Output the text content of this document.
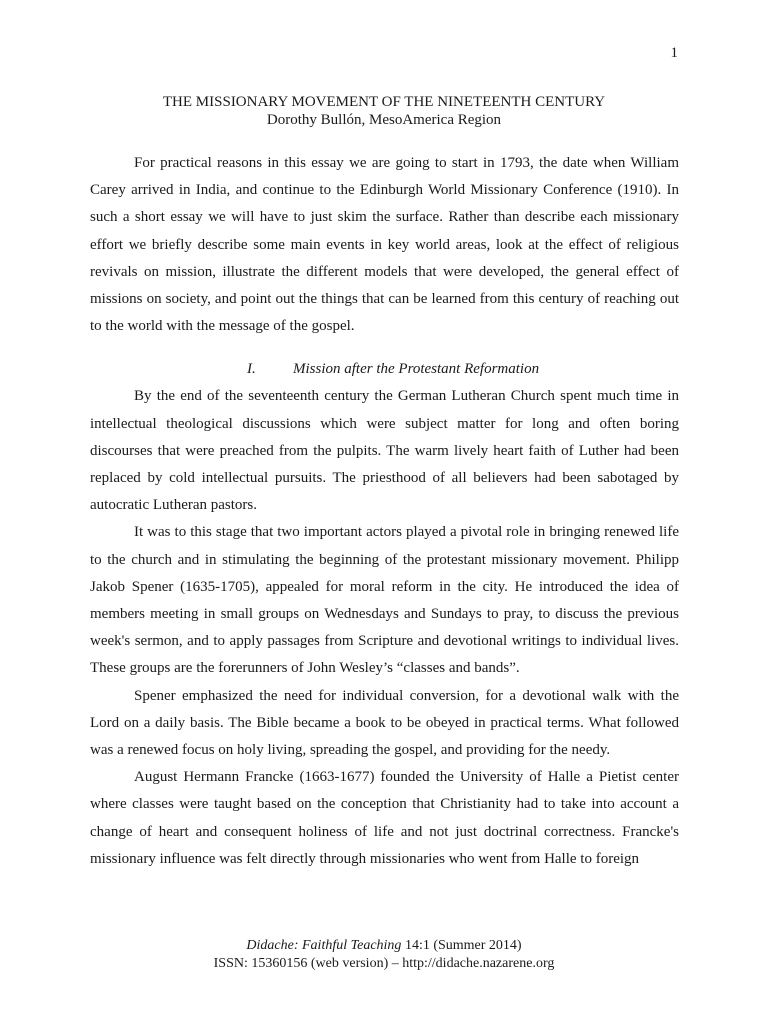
1
THE MISSIONARY MOVEMENT OF THE NINETEENTH CENTURY
Dorothy Bullón, MesoAmerica Region

For practical reasons in this essay we are going to start in 1793, the date when William Carey arrived in India, and continue to the Edinburgh World Missionary Conference (1910). In such a short essay we will have to just skim the surface. Rather than describe each missionary effort we briefly describe some main events in key world areas, look at the effect of religious revivals on mission, illustrate the different models that were developed, the general effect of missions on society, and point out the things that can be learned from this century of reaching out to the world with the message of the gospel.

I. Mission after the Protestant Reformation

By the end of the seventeenth century the German Lutheran Church spent much time in intellectual theological discussions which were subject matter for long and often boring discourses that were preached from the pulpits. The warm lively heart faith of Luther had been replaced by cold intellectual pursuits. The priesthood of all believers had been sabotaged by autocratic Lutheran pastors.

It was to this stage that two important actors played a pivotal role in bringing renewed life to the church and in stimulating the beginning of the protestant missionary movement. Philipp Jakob Spener (1635-1705), appealed for moral reform in the city. He introduced the idea of members meeting in small groups on Wednesdays and Sundays to pray, to discuss the previous week's sermon, and to apply passages from Scripture and devotional writings to individual lives. These groups are the forerunners of John Wesley’s “classes and bands”.

Spener emphasized the need for individual conversion, for a devotional walk with the Lord on a daily basis. The Bible became a book to be obeyed in practical terms. What followed was a renewed focus on holy living, spreading the gospel, and providing for the needy.

August Hermann Francke (1663-1677) founded the University of Halle a Pietist center where classes were taught based on the conception that Christianity had to take into account a change of heart and consequent holiness of life and not just doctrinal correctness. Francke's missionary influence was felt directly through missionaries who went from Halle to foreign

Didache: Faithful Teaching 14:1 (Summer 2014)
ISSN: 15360156 (web version) – http://didache.nazarene.org
